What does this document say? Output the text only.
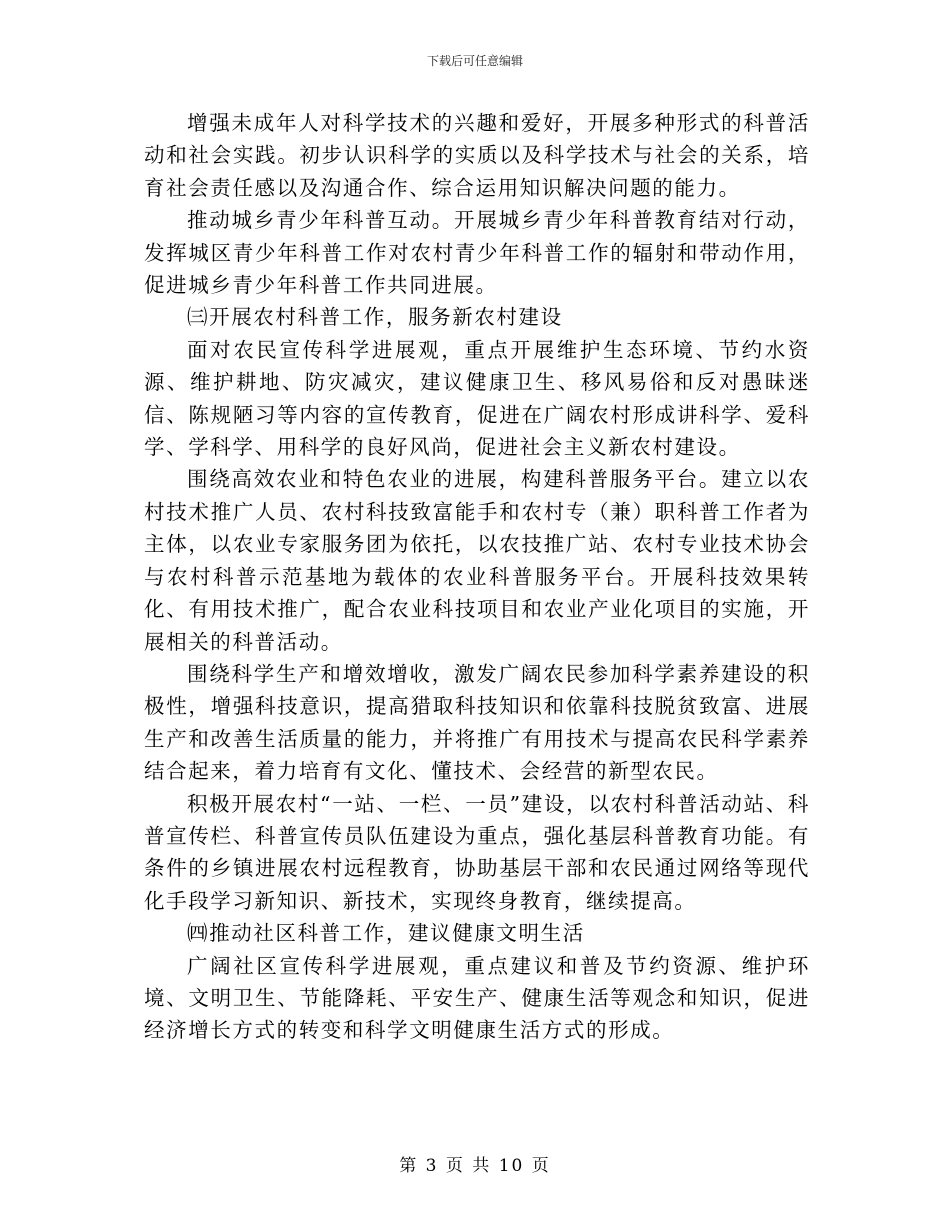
下载后可任意编辑

增强未成年人对科学技术的兴趣和爱好，开展多种形式的科普活动和社会实践。初步认识科学的实质以及科学技术与社会的关系，培育社会责任感以及沟通合作、综合运用知识解决问题的能力。

推动城乡青少年科普互动。开展城乡青少年科普教育结对行动，发挥城区青少年科普工作对农村青少年科普工作的辐射和带动作用，促进城乡青少年科普工作共同进展。

㈢开展农村科普工作，服务新农村建设

面对农民宣传科学进展观，重点开展维护生态环境、节约水资源、维护耕地、防灾减灾，建议健康卫生、移风易俗和反对愚昧迷信、陈规陋习等内容的宣传教育，促进在广阔农村形成讲科学、爱科学、学科学、用科学的良好风尚，促进社会主义新农村建设。

围绕高效农业和特色农业的进展，构建科普服务平台。建立以农村技术推广人员、农村科技致富能手和农村专（兼）职科普工作者为主体，以农业专家服务团为依托，以农技推广站、农村专业技术协会与农村科普示范基地为载体的农业科普服务平台。开展科技效果转化、有用技术推广，配合农业科技项目和农业产业化项目的实施，开展相关的科普活动。

围绕科学生产和增效增收，激发广阔农民参加科学素养建设的积极性，增强科技意识，提高猎取科技知识和依靠科技脱贫致富、进展生产和改善生活质量的能力，并将推广有用技术与提高农民科学素养结合起来，着力培育有文化、懂技术、会经营的新型农民。

积极开展农村“一站、一栏、一员”建设，以农村科普活动站、科普宣传栏、科普宣传员队伍建设为重点，强化基层科普教育功能。有条件的乡镇进展农村远程教育，协助基层干部和农民通过网络等现代化手段学习新知识、新技术，实现终身教育，继续提高。

㈣推动社区科普工作，建议健康文明生活

广阔社区宣传科学进展观，重点建议和普及节约资源、维护环境、文明卫生、节能降耗、平安生产、健康生活等观念和知识，促进经济增长方式的转变和科学文明健康生活方式的形成。

第 3 页 共 10 页
